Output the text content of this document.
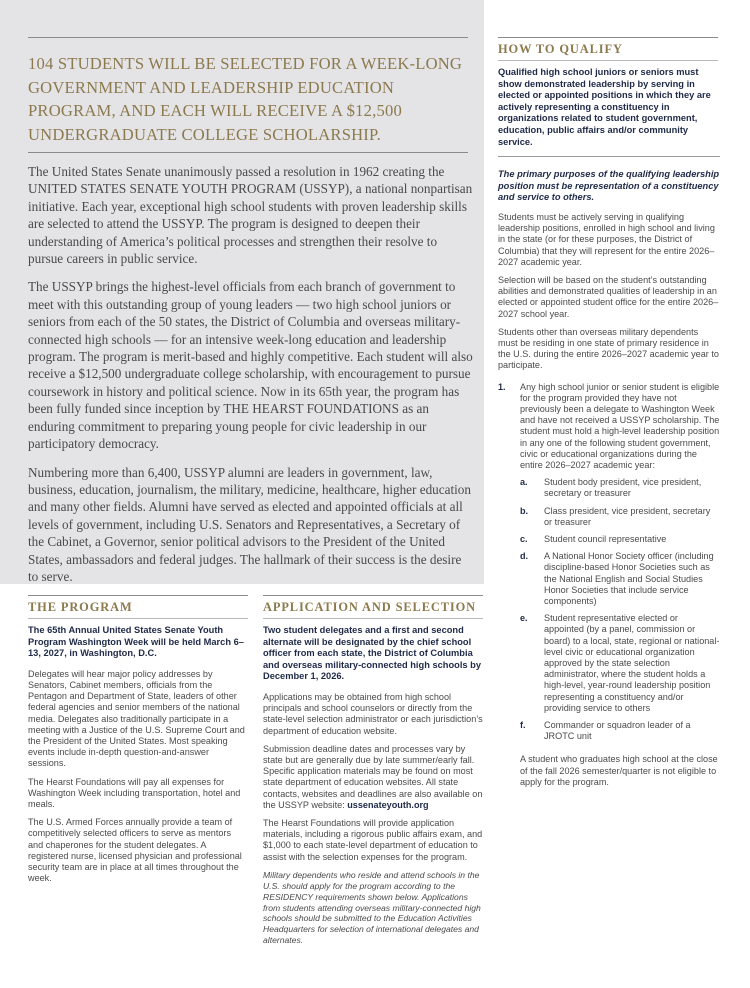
104 STUDENTS WILL BE SELECTED FOR A WEEK-LONG GOVERNMENT AND LEADERSHIP EDUCATION PROGRAM, AND EACH WILL RECEIVE A $12,500 UNDERGRADUATE COLLEGE SCHOLARSHIP.

The United States Senate unanimously passed a resolution in 1962 creating the UNITED STATES SENATE YOUTH PROGRAM (USSYP), a national nonpartisan initiative. Each year, exceptional high school students with proven leadership skills are selected to attend the USSYP. The program is designed to deepen their understanding of America’s political processes and strengthen their resolve to pursue careers in public service.

The USSYP brings the highest-level officials from each branch of government to meet with this outstanding group of young leaders — two high school juniors or seniors from each of the 50 states, the District of Columbia and overseas military-connected high schools — for an intensive week-long education and leadership program. The program is merit-based and highly competitive. Each student will also receive a $12,500 undergraduate college scholarship, with encouragement to pursue coursework in history and political science. Now in its 65th year, the program has been fully funded since inception by THE HEARST FOUNDATIONS as an enduring commitment to preparing young people for civic leadership in our participatory democracy.

Numbering more than 6,400, USSYP alumni are leaders in government, law, business, education, journalism, the military, medicine, healthcare, higher education and many other fields. Alumni have served as elected and appointed officials at all levels of government, including U.S. Senators and Representatives, a Secretary of the Cabinet, a Governor, senior political advisors to the President of the United States, ambassadors and federal judges. The hallmark of their success is the desire to serve.

THE PROGRAM

The 65th Annual United States Senate Youth Program Washington Week will be held March 6–13, 2027, in Washington, D.C.

Delegates will hear major policy addresses by Senators, Cabinet members, officials from the Pentagon and Department of State, leaders of other federal agencies and senior members of the national media. Delegates also traditionally participate in a meeting with a Justice of the U.S. Supreme Court and the President of the United States. Most speaking events include in-depth question-and-answer sessions.

The Hearst Foundations will pay all expenses for Washington Week including transportation, hotel and meals.

The U.S. Armed Forces annually provide a team of competitively selected officers to serve as mentors and chaperones for the student delegates. A registered nurse, licensed physician and professional security team are in place at all times throughout the week.

APPLICATION AND SELECTION

Two student delegates and a first and second alternate will be designated by the chief school officer from each state, the District of Columbia and overseas military-connected high schools by December 1, 2026.

Applications may be obtained from high school principals and school counselors or directly from the state-level selection administrator or each jurisdiction’s department of education website.

Submission deadline dates and processes vary by state but are generally due by late summer/early fall. Specific application materials may be found on most state department of education websites. All state contacts, websites and deadlines are also available on the USSYP website: ussenateyouth.org

The Hearst Foundations will provide application materials, including a rigorous public affairs exam, and $1,000 to each state-level department of education to assist with the selection expenses for the program.

Military dependents who reside and attend schools in the U.S. should apply for the program according to the RESIDENCY requirements shown below. Applications from students attending overseas military-connected high schools should be submitted to the Education Activities Headquarters for selection of international delegates and alternates.

HOW TO QUALIFY

Qualified high school juniors or seniors must show demonstrated leadership by serving in elected or appointed positions in which they are actively representing a constituency in organizations related to student government, education, public affairs and/or community service.

The primary purposes of the qualifying leadership position must be representation of a constituency and service to others.

Students must be actively serving in qualifying leadership positions, enrolled in high school and living in the state (or for these purposes, the District of Columbia) that they will represent for the entire 2026–2027 academic year.

Selection will be based on the student’s outstanding abilities and demonstrated qualities of leadership in an elected or appointed student office for the entire 2026–2027 school year.

Students other than overseas military dependents must be residing in one state of primary residence in the U.S. during the entire 2026–2027 academic year to participate.

1.	Any high school junior or senior student is eligible for the program provided they have not previously been a delegate to Washington Week and have not received a USSYP scholarship. The student must hold a high-level leadership position in any one of the following student government, civic or educational organizations during the entire 2026–2027 academic year:
a.	Student body president, vice president, secretary or treasurer
b.	Class president, vice president, secretary or treasurer
c.	Student council representative
d.	A National Honor Society officer (including discipline-based Honor Societies such as the National English and Social Studies Honor Societies that include service components)
e.	Student representative elected or appointed (by a panel, commission or board) to a local, state, regional or national-level civic or educational organization approved by the state selection administrator, where the student holds a high-level, year-round leadership position representing a constituency and/or providing service to others
f.	Commander or squadron leader of a JROTC unit

A student who graduates high school at the close of the fall 2026 semester/quarter is not eligible to apply for the program.
